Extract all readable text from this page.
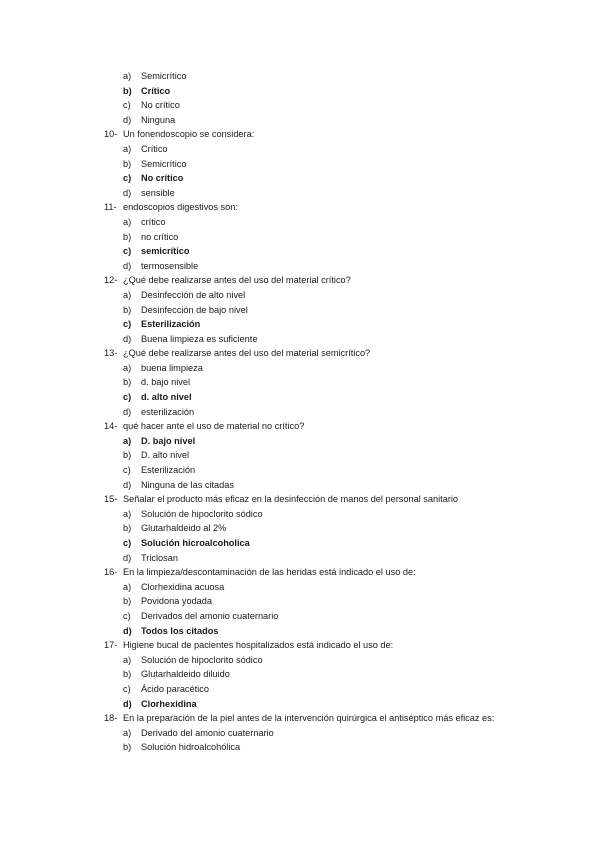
a) Semicrítico
b) Crítico
c) No crítico
d) Ninguna
10- Un fonendoscopio se considera:
a) Crítico
b) Semicrítico
c) No crítico
d) sensible
11- endoscopios digestivos son:
a) crítico
b) no crítico
c) semicrítico
d) termosensible
12- ¿Qué debe realizarse antes del uso del material crítico?
a) Desinfección de alto nivel
b) Desinfección de bajo nivel
c) Esterilización
d) Buena limpieza es suficiente
13- ¿Qué debe realizarse antes del uso del material semicrítico?
a) buena limpieza
b) d. bajo nivel
c) d. alto nivel
d) esterilización
14- qué hacer ante el uso de material no crítico?
a) D. bajo nivel
b) D. alto nivel
c) Esterilización
d) Ninguna de las citadas
15- Señalar el producto más eficaz en la desinfección de manos del personal sanitario
a) Solución de hipoclorito sódico
b) Glutarhaldeido al 2%
c) Solución hicroalcoholica
d) Triclosan
16- En la limpieza/descontaminación de las heridas está indicado el uso de:
a) Clorhexidina acuosa
b) Povidona yodada
c) Derivados del amonio cuaternario
d) Todos los citados
17- Higiene bucal de pacientes hospitalizados está indicado el uso de:
a) Solución de hipoclorito sódico
b) Glutarhaldeido diluido
c) Ácido paracético
d) Clorhexidina
18- En la preparación de la piel antes de la intervención quirúrgica el antiséptico más eficaz es:
a) Derivado del amonio cuaternario
b) Solución hidroalcohólica
